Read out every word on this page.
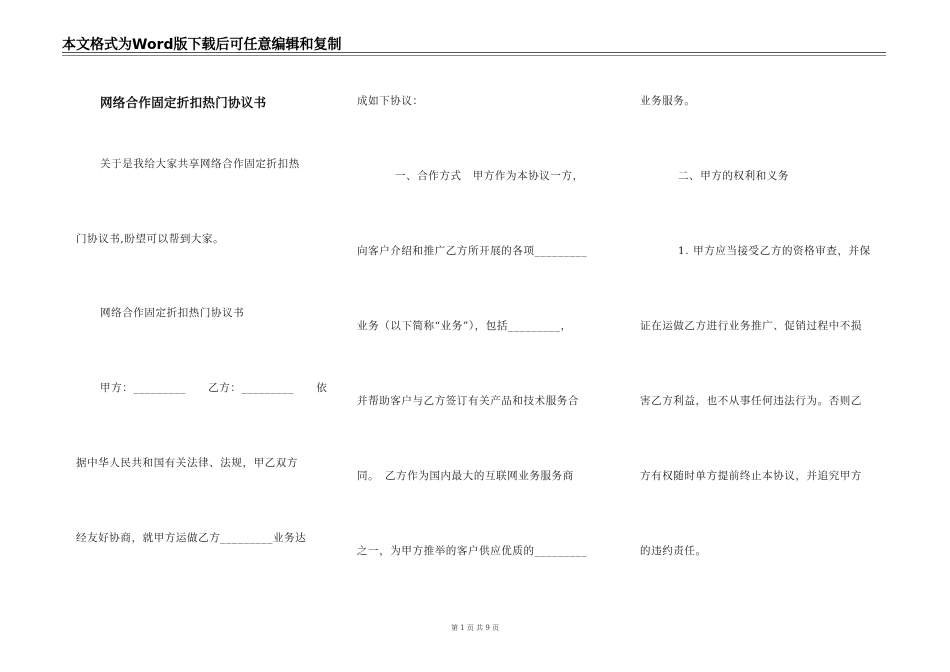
本文格式为Word版下载后可任意编辑和复制
网络合作固定折扣热门协议书
关于是我给大家共享网络合作固定折扣热
门协议书,盼望可以帮到大家。
网络合作固定折扣热门协议书
甲方：_________　　乙方：_________　　依
据中华人民共和国有关法律、法规，甲乙双方
经友好协商，就甲方运做乙方_________业务达
成如下协议：
一、合作方式　甲方作为本协议一方，
向客户介绍和推广乙方所开展的各项_________
业务（以下简称“业务”），包括_________，
并帮助客户与乙方签订有关产品和技术服务合
同。　乙方作为国内最大的互联网业务服务商
之一，为甲方推举的客户供应优质的_________
业务服务。
二、甲方的权利和义务
1. 甲方应当接受乙方的资格审查，并保
证在运做乙方进行业务推广、促销过程中不损
害乙方利益，也不从事任何违法行为。否则乙
方有权随时单方提前终止本协议，并追究甲方
的违约责任。
第 1 页 共 9 页
